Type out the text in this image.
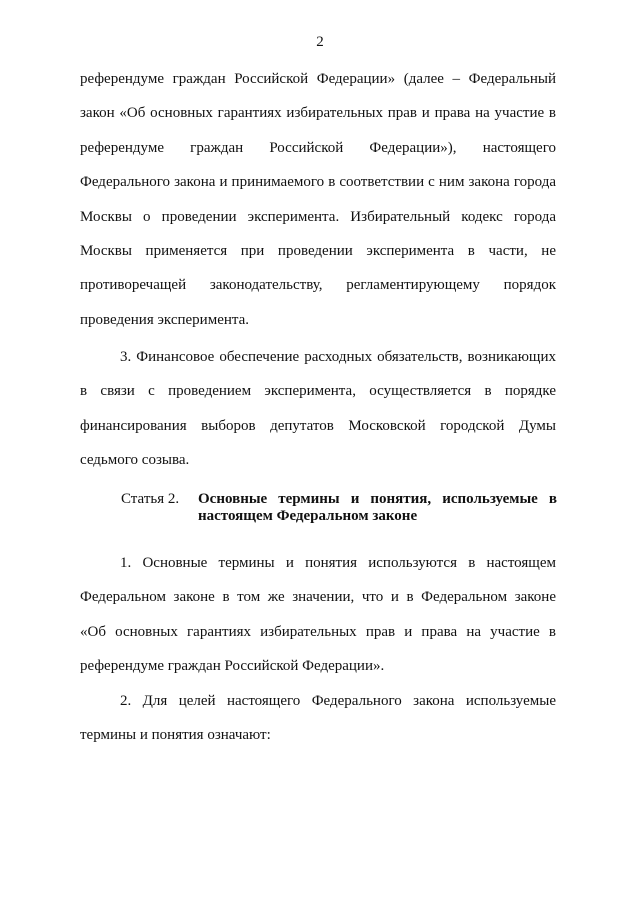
2
референдуме граждан Российской Федерации» (далее – Федеральный
закон «Об основных гарантиях избирательных прав и права на участие в
референдуме граждан Российской Федерации»), настоящего
Федерального закона и принимаемого в соответствии с ним закона города
Москвы о проведении эксперимента. Избирательный кодекс города
Москвы применяется при проведении эксперимента в части, не
противоречащей законодательству, регламентирующему порядок
проведения эксперимента.
3. Финансовое обеспечение расходных обязательств, возникающих
в связи с проведением эксперимента, осуществляется в порядке
финансирования выборов депутатов Московской городской Думы
седьмого созыва.
Статья 2. Основные термины и понятия, используемые в
настоящем Федеральном законе
1. Основные термины и понятия используются в настоящем
Федеральном законе в том же значении, что и в Федеральном законе
«Об основных гарантиях избирательных прав и права на участие в
референдуме граждан Российской Федерации».
2. Для целей настоящего Федерального закона используемые
термины и понятия означают:
